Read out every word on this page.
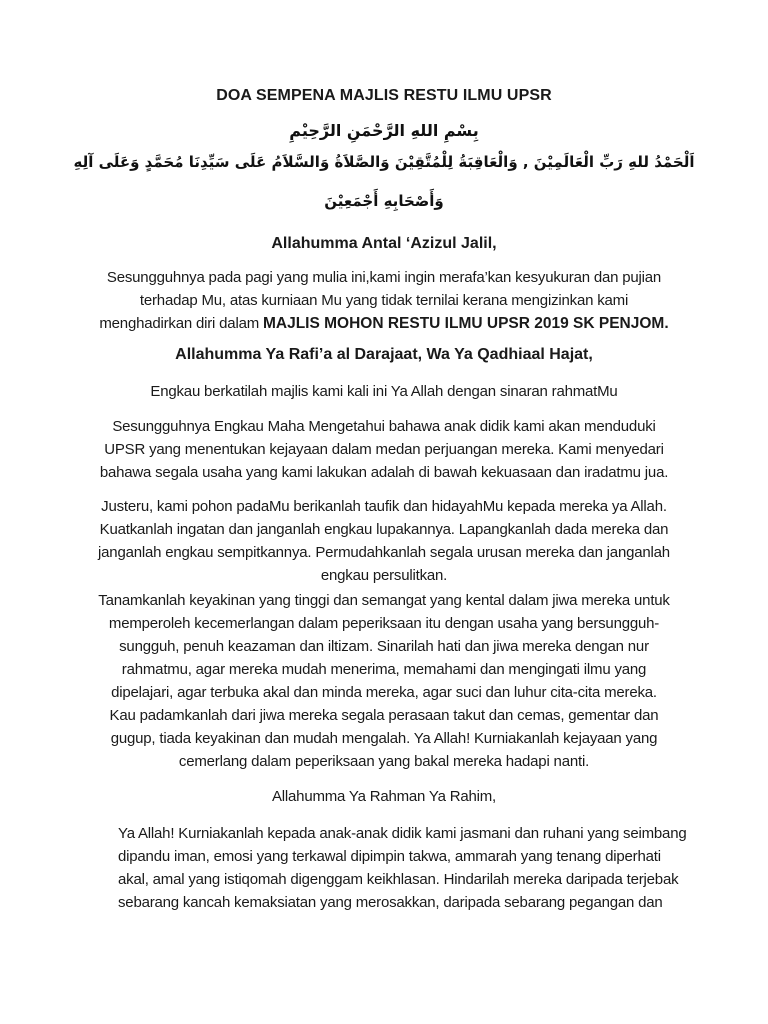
DOA SEMPENA MAJLIS RESTU ILMU UPSR
بِسْمِ اللهِ الرَّحْمَنِ الرَّحِيْمِ
اَلْحَمْدُ للهِ رَبِّ الْعَالَمِيْنَ , وَالْعَاقِبَةُ لِلْمُتَّقِيْنَ وَالصَّلاَةُ وَالسَّلاَمُ عَلَى سَيِّدِنَا مُحَمَّدٍ وَعَلَى آلِهِ
وَأَصْحَابِهِ أَجْمَعِيْنَ
Allahumma Antal ‘Azizul Jalil,
Sesungguhnya pada pagi yang mulia ini,kami ingin merafa’kan kesyukuran dan pujian
terhadap Mu, atas kurniaan Mu yang tidak ternilai kerana mengizinkan kami
menghadirkan diri dalam MAJLIS MOHON RESTU ILMU UPSR 2019 SK PENJOM.
Allahumma Ya Rafi’a al Darajaat, Wa Ya Qadhiaal Hajat,
Engkau berkatilah majlis kami kali ini Ya Allah dengan sinaran rahmatMu
Sesungguhnya Engkau Maha Mengetahui bahawa anak didik kami akan menduduki
UPSR yang menentukan kejayaan dalam medan perjuangan mereka. Kami menyedari
bahawa segala usaha yang kami lakukan adalah di bawah kekuasaan dan iradatmu jua.
Justeru, kami pohon padaMu berikanlah taufik dan hidayahMu kepada mereka ya Allah.
Kuatkanlah ingatan dan janganlah engkau lupakannya. Lapangkanlah dada mereka dan
janganlah engkau sempitkannya. Permudahkanlah segala urusan mereka dan janganlah
engkau persulitkan.
Tanamkanlah keyakinan yang tinggi dan semangat yang kental dalam jiwa mereka untuk
memperoleh kecemerlangan dalam peperiksaan itu dengan usaha yang bersungguh-
sungguh, penuh keazaman dan iltizam. Sinarilah hati dan jiwa mereka dengan nur
rahmatmu, agar mereka mudah menerima, memahami dan mengingati ilmu yang
dipelajari, agar terbuka akal dan minda mereka, agar suci dan luhur cita-cita mereka.
Kau padamkanlah dari jiwa mereka segala perasaan takut dan cemas, gementar dan
gugup, tiada keyakinan dan mudah mengalah. Ya Allah! Kurniakanlah kejayaan yang
cemerlang dalam peperiksaan yang bakal mereka hadapi nanti.
Allahumma Ya Rahman Ya Rahim,
Ya Allah! Kurniakanlah kepada anak-anak didik kami jasmani dan ruhani yang seimbang
dipandu iman, emosi yang terkawal dipimpin takwa, ammarah yang tenang diperhati
akal, amal yang istiqomah digenggam keikhlasan. Hindarilah mereka daripada terjebak
sebarang kancah kemaksiatan yang merosakkan, daripada sebarang pegangan dan
